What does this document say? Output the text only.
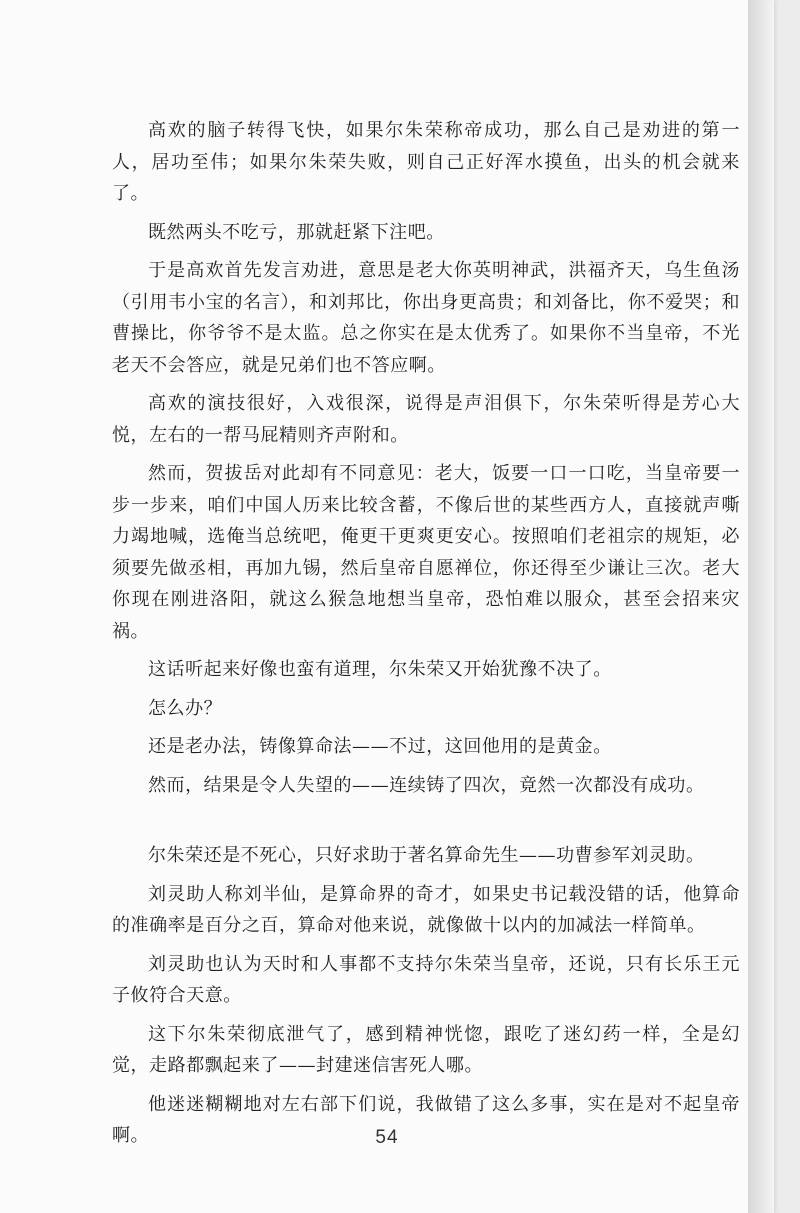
高欢的脑子转得飞快，如果尔朱荣称帝成功，那么自己是劝进的第一人，居功至伟；如果尔朱荣失败，则自己正好浑水摸鱼，出头的机会就来了。

既然两头不吃亏，那就赶紧下注吧。

于是高欢首先发言劝进，意思是老大你英明神武，洪福齐天，乌生鱼汤（引用韦小宝的名言），和刘邦比，你出身更高贵；和刘备比，你不爱哭；和曹操比，你爷爷不是太监。总之你实在是太优秀了。如果你不当皇帝，不光老天不会答应，就是兄弟们也不答应啊。

高欢的演技很好，入戏很深，说得是声泪俱下，尔朱荣听得是芳心大悦，左右的一帮马屁精则齐声附和。

然而，贺拔岳对此却有不同意见：老大，饭要一口一口吃，当皇帝要一步一步来，咱们中国人历来比较含蓄，不像后世的某些西方人，直接就声嘶力竭地喊，选俺当总统吧，俺更干更爽更安心。按照咱们老祖宗的规矩，必须要先做丞相，再加九锡，然后皇帝自愿禅位，你还得至少谦让三次。老大你现在刚进洛阳，就这么猴急地想当皇帝，恐怕难以服众，甚至会招来灾祸。

这话听起来好像也蛮有道理，尔朱荣又开始犹豫不决了。

怎么办？

还是老办法，铸像算命法——不过，这回他用的是黄金。

然而，结果是令人失望的——连续铸了四次，竟然一次都没有成功。

尔朱荣还是不死心，只好求助于著名算命先生——功曹参军刘灵助。

刘灵助人称刘半仙，是算命界的奇才，如果史书记载没错的话，他算命的准确率是百分之百，算命对他来说，就像做十以内的加减法一样简单。

刘灵助也认为天时和人事都不支持尔朱荣当皇帝，还说，只有长乐王元子攸符合天意。

这下尔朱荣彻底泄气了，感到精神恍惚，跟吃了迷幻药一样，全是幻觉，走路都飘起来了——封建迷信害死人哪。

他迷迷糊糊地对左右部下们说，我做错了这么多事，实在是对不起皇帝啊。	54
